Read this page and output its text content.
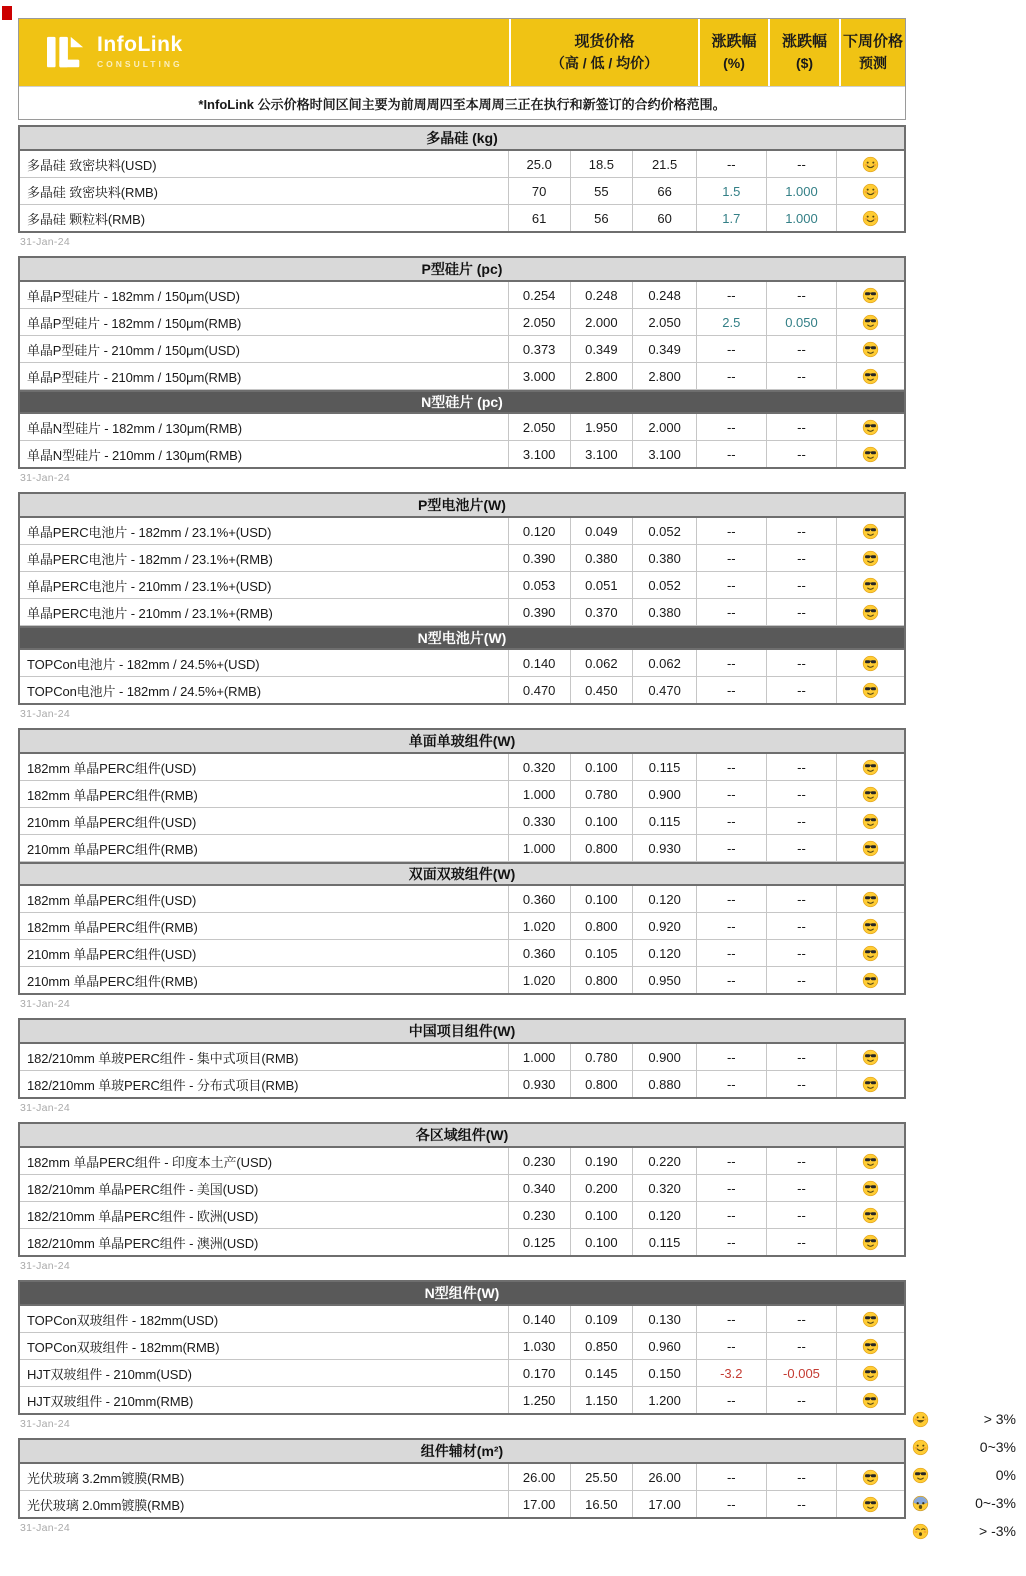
InfoLink
CONSULTING
现货价格
（高 / 低 / 均价）
涨跌幅
(%)
涨跌幅
($)
下周价格
预测
*InfoLink 公示价格时间区间主要为前周周四至本周周三正在执行和新签订的合约价格范围。
多晶硅 (kg)
多晶硅 致密块料(USD)	25.0	18.5	21.5	--	--
多晶硅 致密块料(RMB)	70	55	66	1.5	1.000
多晶硅 颗粒料(RMB)	61	56	60	1.7	1.000
31-Jan-24
P型硅片 (pc)
单晶P型硅片 - 182mm / 150μm(USD)	0.254	0.248	0.248	--	--
单晶P型硅片 - 182mm / 150μm(RMB)	2.050	2.000	2.050	2.5	0.050
单晶P型硅片 - 210mm / 150μm(USD)	0.373	0.349	0.349	--	--
单晶P型硅片 - 210mm / 150μm(RMB)	3.000	2.800	2.800	--	--
N型硅片 (pc)
单晶N型硅片 - 182mm / 130μm(RMB)	2.050	1.950	2.000	--	--
单晶N型硅片 - 210mm / 130μm(RMB)	3.100	3.100	3.100	--	--
31-Jan-24
P型电池片(W)
单晶PERC电池片 - 182mm / 23.1%+(USD)	0.120	0.049	0.052	--	--
单晶PERC电池片 - 182mm / 23.1%+(RMB)	0.390	0.380	0.380	--	--
单晶PERC电池片 - 210mm / 23.1%+(USD)	0.053	0.051	0.052	--	--
单晶PERC电池片 - 210mm / 23.1%+(RMB)	0.390	0.370	0.380	--	--
N型电池片(W)
TOPCon电池片 - 182mm / 24.5%+(USD)	0.140	0.062	0.062	--	--
TOPCon电池片 - 182mm / 24.5%+(RMB)	0.470	0.450	0.470	--	--
31-Jan-24
单面单玻组件(W)
182mm 单晶PERC组件(USD)	0.320	0.100	0.115	--	--
182mm 单晶PERC组件(RMB)	1.000	0.780	0.900	--	--
210mm 单晶PERC组件(USD)	0.330	0.100	0.115	--	--
210mm 单晶PERC组件(RMB)	1.000	0.800	0.930	--	--
双面双玻组件(W)
182mm 单晶PERC组件(USD)	0.360	0.100	0.120	--	--
182mm 单晶PERC组件(RMB)	1.020	0.800	0.920	--	--
210mm 单晶PERC组件(USD)	0.360	0.105	0.120	--	--
210mm 单晶PERC组件(RMB)	1.020	0.800	0.950	--	--
31-Jan-24
中国项目组件(W)
182/210mm 单玻PERC组件 - 集中式项目(RMB)	1.000	0.780	0.900	--	--
182/210mm 单玻PERC组件 - 分布式项目(RMB)	0.930	0.800	0.880	--	--
31-Jan-24
各区域组件(W)
182mm 单晶PERC组件 - 印度本土产(USD)	0.230	0.190	0.220	--	--
182/210mm 单晶PERC组件 - 美国(USD)	0.340	0.200	0.320	--	--
182/210mm 单晶PERC组件 - 欧洲(USD)	0.230	0.100	0.120	--	--
182/210mm 单晶PERC组件 - 澳洲(USD)	0.125	0.100	0.115	--	--
31-Jan-24
N型组件(W)
TOPCon双玻组件 - 182mm(USD)	0.140	0.109	0.130	--	--
TOPCon双玻组件 - 182mm(RMB)	1.030	0.850	0.960	--	--
HJT双玻组件 - 210mm(USD)	0.170	0.145	0.150	-3.2	-0.005
HJT双玻组件 - 210mm(RMB)	1.250	1.150	1.200	--	--
31-Jan-24
组件辅材(m²)
光伏玻璃 3.2mm镀膜(RMB)	26.00	25.50	26.00	--	--
光伏玻璃 2.0mm镀膜(RMB)	17.00	16.50	17.00	--	--
31-Jan-24
> 3%
0~3%
0%
0~-3%
> -3%
